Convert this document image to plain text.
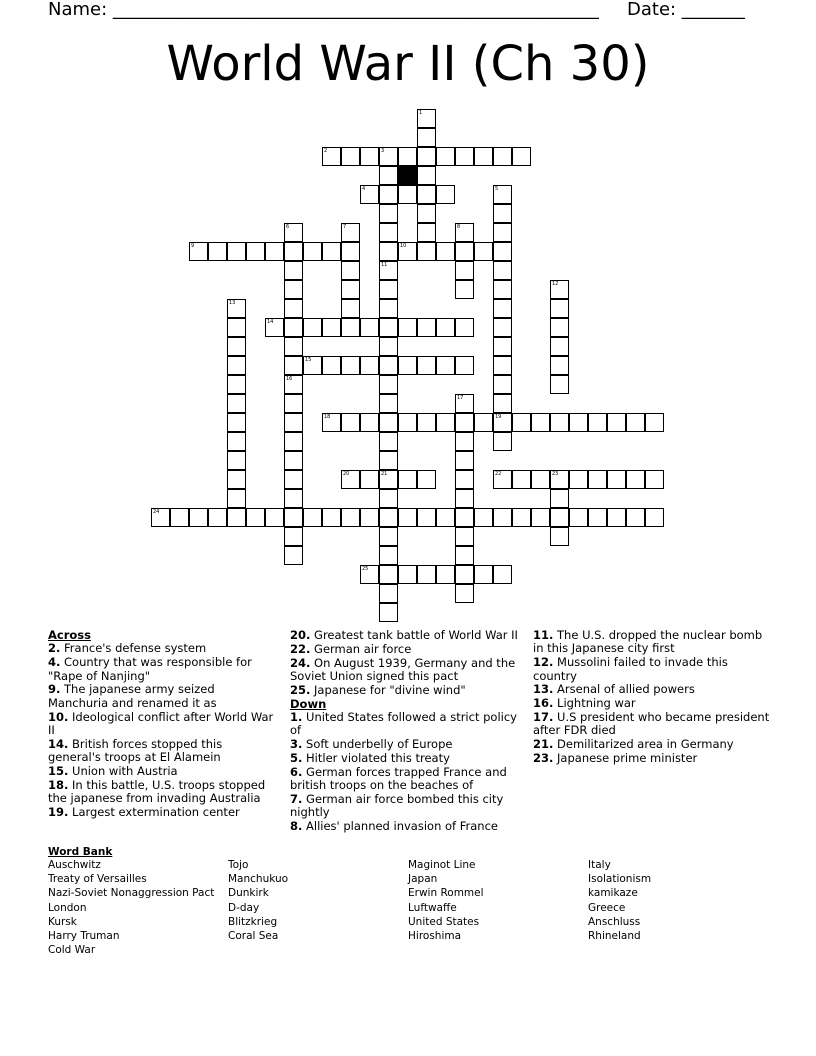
Name: ______________________________________________________ Date: _______
World War II (Ch 30)
2	3
4
9	10
14
15
18	19
20	21	22	23
24
25
1
11
5
6
16
7	8
12
13
17
Across
2. France's defense system
4. Country that was responsible for "Rape of Nanjing"
9. The japanese army seized Manchuria and renamed it as
10. Ideological conflict after World War II
14. British forces stopped this general's troops at El Alamein
15. Union with Austria
18. In this battle, U.S. troops stopped the japanese from invading Australia
19. Largest extermination center
20. Greatest tank battle of World War II
22. German air force
24. On August 1939, Germany and the Soviet Union signed this pact
25. Japanese for "divine wind"
Down
1. United States followed a strict policy of
3. Soft underbelly of Europe
5. Hitler violated this treaty
6. German forces trapped France and british troops on the beaches of
7. German air force bombed this city nightly
8. Allies' planned invasion of France
11. The U.S. dropped the nuclear bomb in this Japanese city first
12. Mussolini failed to invade this country
13. Arsenal of allied powers
16. Lightning war
17. U.S president who became president after FDR died
21. Demilitarized area in Germany
23. Japanese prime minister
Word Bank
Auschwitz
Treaty of Versailles
Nazi-Soviet Nonaggression Pact
London
Kursk
Harry Truman
Cold War
Tojo
Manchukuo
Dunkirk
D-day
Blitzkrieg
Coral Sea
Maginot Line
Japan
Erwin Rommel
Luftwaffe
United States
Hiroshima
Italy
Isolationism
kamikaze
Greece
Anschluss
Rhineland
